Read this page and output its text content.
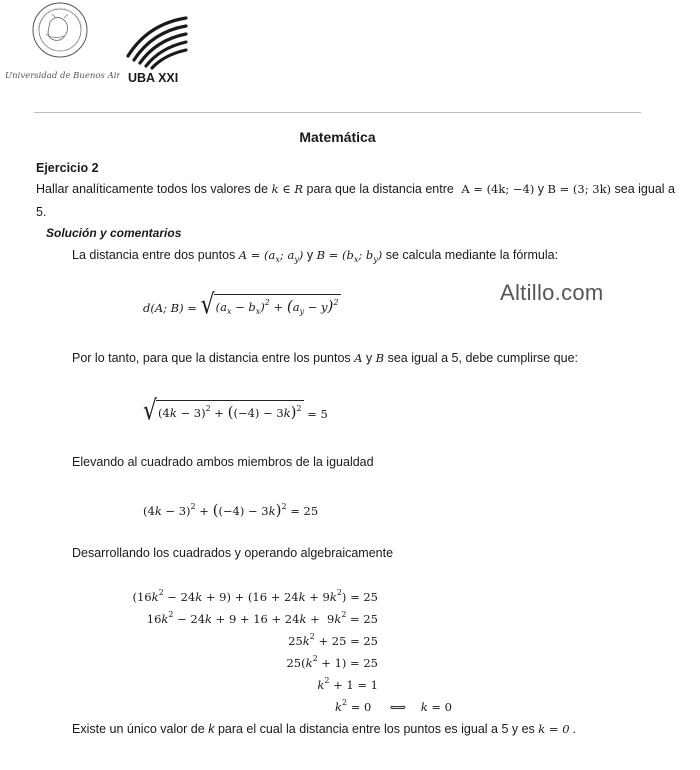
Universidad de Buenos Aires

UBA XXI
Matemática
Ejercicio 2
Hallar analíticamente todos los valores de k ∈ R para que la distancia entre A = (4k; −4) y B = (3; 3k) sea igual a
5.
Solución y comentarios
La distancia entre dos puntos $A = (a_x$; $a_y$) y $B = (b_x$; $b_y$) se calcula mediante la fórmula:
Altillo.com
d(A; B) = √ $(a_x - b_x)^2 + (a_y - y)^2$
Por lo tanto, para que la distancia entre los puntos A y B sea igual a 5, debe cumplirse que:
√ $(4k - 3)^2 + ((-4) - 3k)^2 = 5$
Elevando al cuadrado ambos miembros de la igualdad
$(4k - 3)^2 + ((-4) - 3k)^2 = 25$
Desarrollando los cuadrados y operando algebraicamente
$(16k^2 - 24k + 9) + (16 + 24k + 9k^2) = 25$
$16k^2 - 24k + 9 + 16 + 24k + 9k^2 = 25$
$25k^2 + 25 = 25$
$25(k^2 + 1) = 25$
$k^2 + 1 = 1$
$k^2 = 0$     ⟺    k = 0
Existe un único valor de k para el cual la distancia entre los puntos es igual a 5 y es k = 0 .
